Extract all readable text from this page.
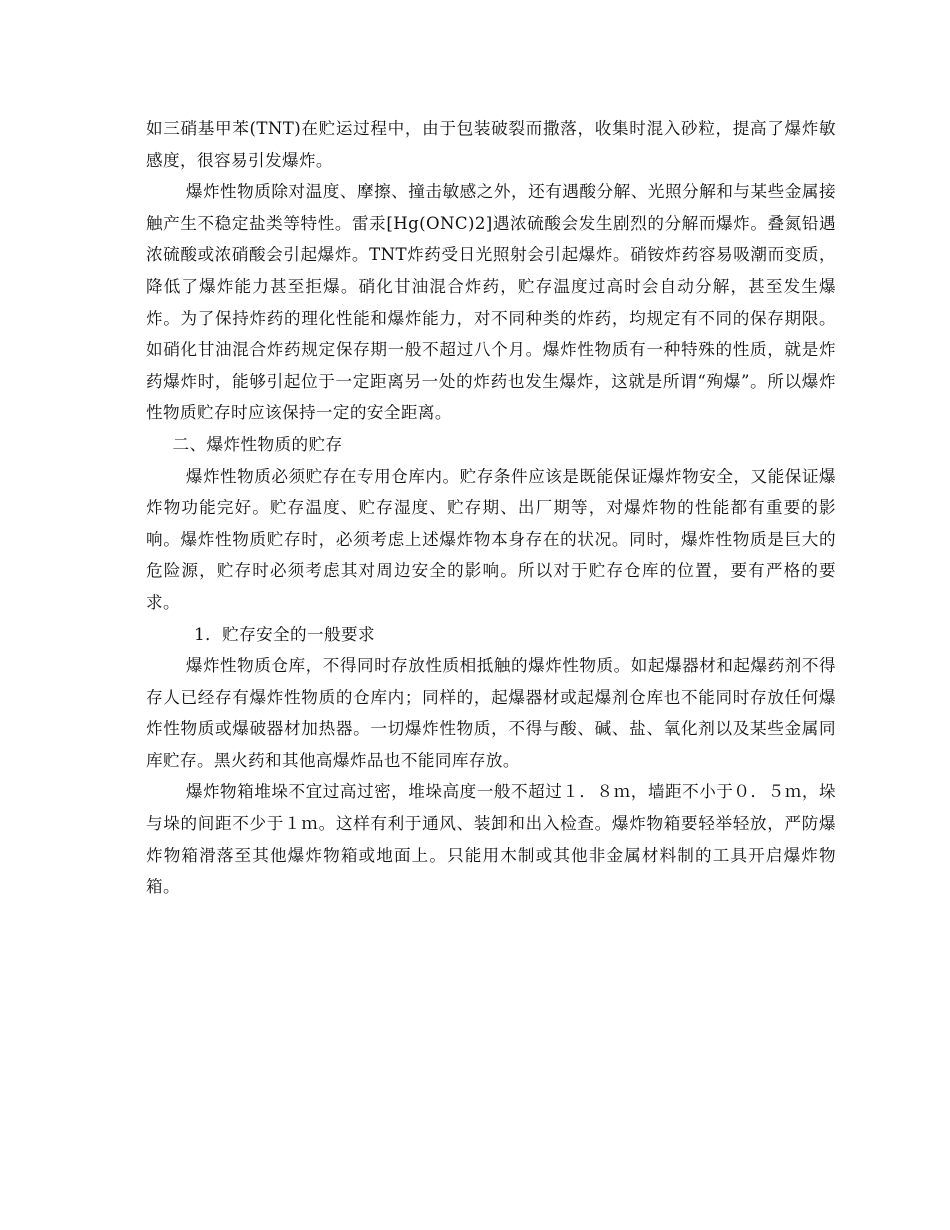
如三硝基甲苯(TNT)在贮运过程中，由于包装破裂而撒落，收集时混入砂粒，提高了爆炸敏感度，很容易引发爆炸。

爆炸性物质除对温度、摩擦、撞击敏感之外，还有遇酸分解、光照分解和与某些金属接触产生不稳定盐类等特性。雷汞[Hg(ONC)2]遇浓硫酸会发生剧烈的分解而爆炸。叠氮铅遇浓硫酸或浓硝酸会引起爆炸。TNT炸药受日光照射会引起爆炸。硝铵炸药容易吸潮而变质，降低了爆炸能力甚至拒爆。硝化甘油混合炸药，贮存温度过高时会自动分解，甚至发生爆炸。为了保持炸药的理化性能和爆炸能力，对不同种类的炸药，均规定有不同的保存期限。如硝化甘油混合炸药规定保存期一般不超过八个月。爆炸性物质有一种特殊的性质，就是炸药爆炸时，能够引起位于一定距离另一处的炸药也发生爆炸，这就是所谓“殉爆”。所以爆炸性物质贮存时应该保持一定的安全距离。

二、爆炸性物质的贮存

爆炸性物质必须贮存在专用仓库内。贮存条件应该是既能保证爆炸物安全，又能保证爆炸物功能完好。贮存温度、贮存湿度、贮存期、出厂期等，对爆炸物的性能都有重要的影响。爆炸性物质贮存时，必须考虑上述爆炸物本身存在的状况。同时，爆炸性物质是巨大的危险源，贮存时必须考虑其对周边安全的影响。所以对于贮存仓库的位置，要有严格的要求。

1．贮存安全的一般要求

爆炸性物质仓库，不得同时存放性质相抵触的爆炸性物质。如起爆器材和起爆药剂不得存人已经存有爆炸性物质的仓库内；同样的，起爆器材或起爆剂仓库也不能同时存放任何爆炸性物质或爆破器材加热器。一切爆炸性物质，不得与酸、碱、盐、氧化剂以及某些金属同库贮存。黑火药和其他高爆炸品也不能同库存放。

爆炸物箱堆垛不宜过高过密，堆垛高度一般不超过１．８ｍ，墙距不小于０．５ｍ，垛与垛的间距不少于１ｍ。这样有利于通风、装卸和出入检查。爆炸物箱要轻举轻放，严防爆炸物箱滑落至其他爆炸物箱或地面上。只能用木制或其他非金属材料制的工具开启爆炸物箱。
